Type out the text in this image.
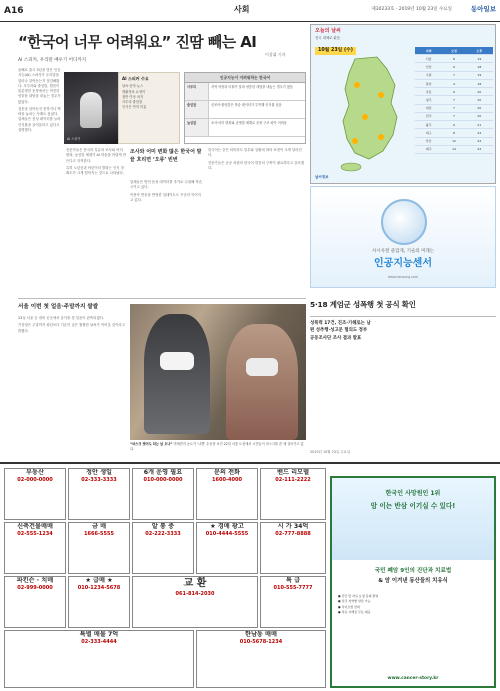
A16	사회	제30233호 · 2019년 10월 23일 수요일	동아일보
“한국어 너무 어려워요” 진땀 빼는 AI
이상휘 기자
AI 스피커, 우리말 배우기 어디까지

올해로 출시 3년을 맞은 인공지능(AI) 스피커가 우리말을 얼마나 알아듣는지 점검해봤다. 사투리와 줄임말, 발음이 불분명한 문장에서는 여전히 엉뚱한 대답을 내놓는 경우가 많았다.

질문을 알아듣지 못하거나 맥락을 놓치는 사례도 잦았다. 업체들은 음성 데이터를 늘려 인식률을 끌어올리고 있다고 설명했다.

전문가들은 한국어 특유의 조사와 어미 변화, 높임말 체계가 AI 학습을 어렵게 만든다고 지적한다.

특히 노년층과 어린이의 발화는 인식 정확도가 크게 떨어지는 것으로 나타났다.

AI 스피커
AI 스피커 수요
날씨·음악·뉴스
생활정보 요청이
절반 이상 차지
사투리·줄임말
인식은 아직 미흡
인공지능이 어려워하는 한국어
사투리	지역 억양과 어휘가 달라 엉뚱한 대답을 내놓는 경우가 많음
줄임말	신조어·줄임말은 학습 데이터가 부족해 인식률 낮음
높임말	조사·어미 변화와 존댓말 체계로 문장 구조 파악 어려움
조사와 어미 변화 많은 한국어 말끝 흐리면 ‘오류’ 빈번

업체들은 방언 음성 데이터를 추가로 수집해 학습시키고 있다.

이용자 반응을 반영한 업데이트도 꾸준히 이어지고 있다.

한국어는 같은 의미라도 말투와 상황에 따라 표현이 크게 달라진다.

전문가들은 공공 차원의 한국어 말뭉치 구축이 필요하다고 강조했다.

오늘의 날씨
전국 대체로 맑음
10월 23일 (수)	지역	오전	오후
서울	8	19
인천	9	18
수원	7	19
춘천	4	18
강릉	9	20
청주	7	20
대전	7	20
전주	7	20
광주	9	21
대구	8	22
부산	12	22
제주	14	22
날씨정보
사시사철 즐겁게, 기술의 미래는
인공지능센서
www.hansung.com
5·18 계엄군 성폭행 첫 공식 확인
성폭력 17건, 진조·가해로는 남편 성추행·성고문 혐의도 정부 공동조사단 조사 결과 발표
서울 이번 첫 얼음·주말까지 쌀쌀

23일 서울 등 내륙 곳곳에서 올가을 첫 얼음이 관측되겠다.

기상청은 주말까지 평년보다 기온이 낮은 쌀쌀한 날씨가 이어질 것이라고 밝혔다.

“마스크 벗어도 되는 날 오나” 미세먼지 농도가 ‘나쁨’ 수준을 보인 22일 서울 도심에서 시민들이 마스크를 쓴 채 걸어가고 있다.
2019년 10월 23일 수요일
부동산
02-000-0000
정안 생일
02-333-3333
6개 운영 필요
010-000-0000
문의 전화
1600-4000
밴드 리모델
02-111-2222
신축건물매매
02-555-1234
금 매
1666-5555
알 통 중
02-222-3333
★ 경매 광고
010-4444-5555
시 가 34억
02-777-8888
파킨슨 · 치매
02-999-0000
★ 급매 ★
010-1234-5678	교 환
061-814-2030
특 급
010-555-7777
특별 매물 7억
02-333-4444
한남동 매매
010-5678-1234
한국인 사망원인 1위
암 이는 반삼 이기실 수 있다!
국민 폐암 9인의 진단과 치료법
& 암 이겨낸 동산들의 치유식
● 진단 및 자료 요청 문의 환영
● 전국 지역별 상담 가능
● 식이요법 안내
● 치유 사례집 무료 제공
www.cancer-story.kr
